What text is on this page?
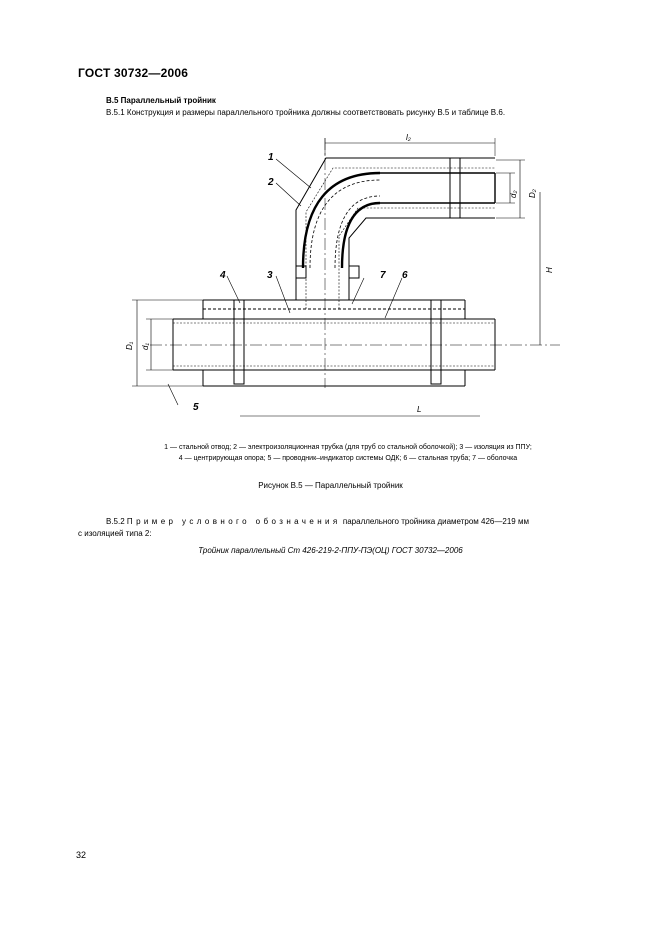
ГОСТ 30732—2006
В.5 Параллельный тройник
В.5.1 Конструкция и размеры параллельного тройника должны соответствовать рисунку В.5 и таблице В.6.
1
2
4	3	7 6
5	L
l₂
H
D₁ d₁
D₂
d₂
1 — стальной отвод; 2 — электроизоляционная трубка (для труб со стальной оболочкой); 3 — изоляция из ППУ;
4 — центрирующая опора; 5 — проводник–индикатор системы ОДК; 6 — стальная труба; 7 — оболочка
Рисунок В.5 — Параллельный тройник
В.5.2 Пример условного обозначения параллельного тройника диаметром 426—219 мм
с изоляцией типа 2:
Тройник параллельный Ст 426-219-2-ППУ-ПЭ(ОЦ) ГОСТ 30732—2006
32
